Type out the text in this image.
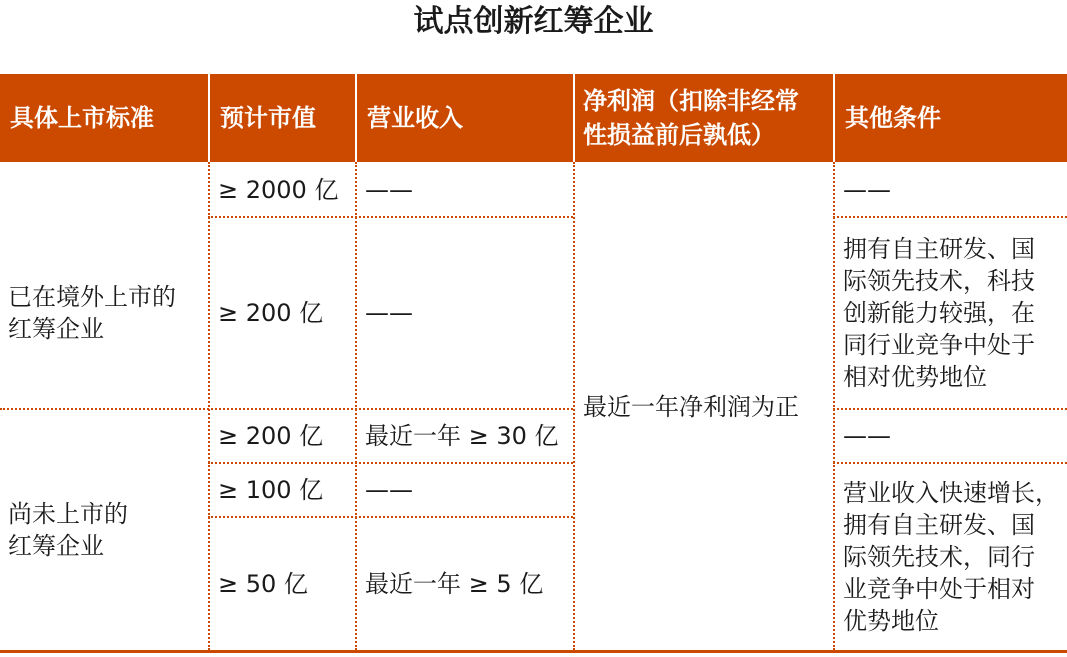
试点创新红筹企业
具体上市标准	预计市值	营业收入
净利润（扣除非经常
性损益前后孰低）
其他条件
已在境外上市的
红筹企业
尚未上市的
红筹企业
≥ 2000 亿
≥ 200 亿
≥ 200 亿
≥ 100 亿
≥ 50 亿
——
——
最近一年 ≥ 30 亿
——
最近一年 ≥ 5 亿
最近一年净利润为正
——
拥有自主研发、国
际领先技术，科技
创新能力较强，在
同行业竞争中处于
相对优势地位
——
营业收入快速增长，
拥有自主研发、国
际领先技术，同行
业竞争中处于相对
优势地位
